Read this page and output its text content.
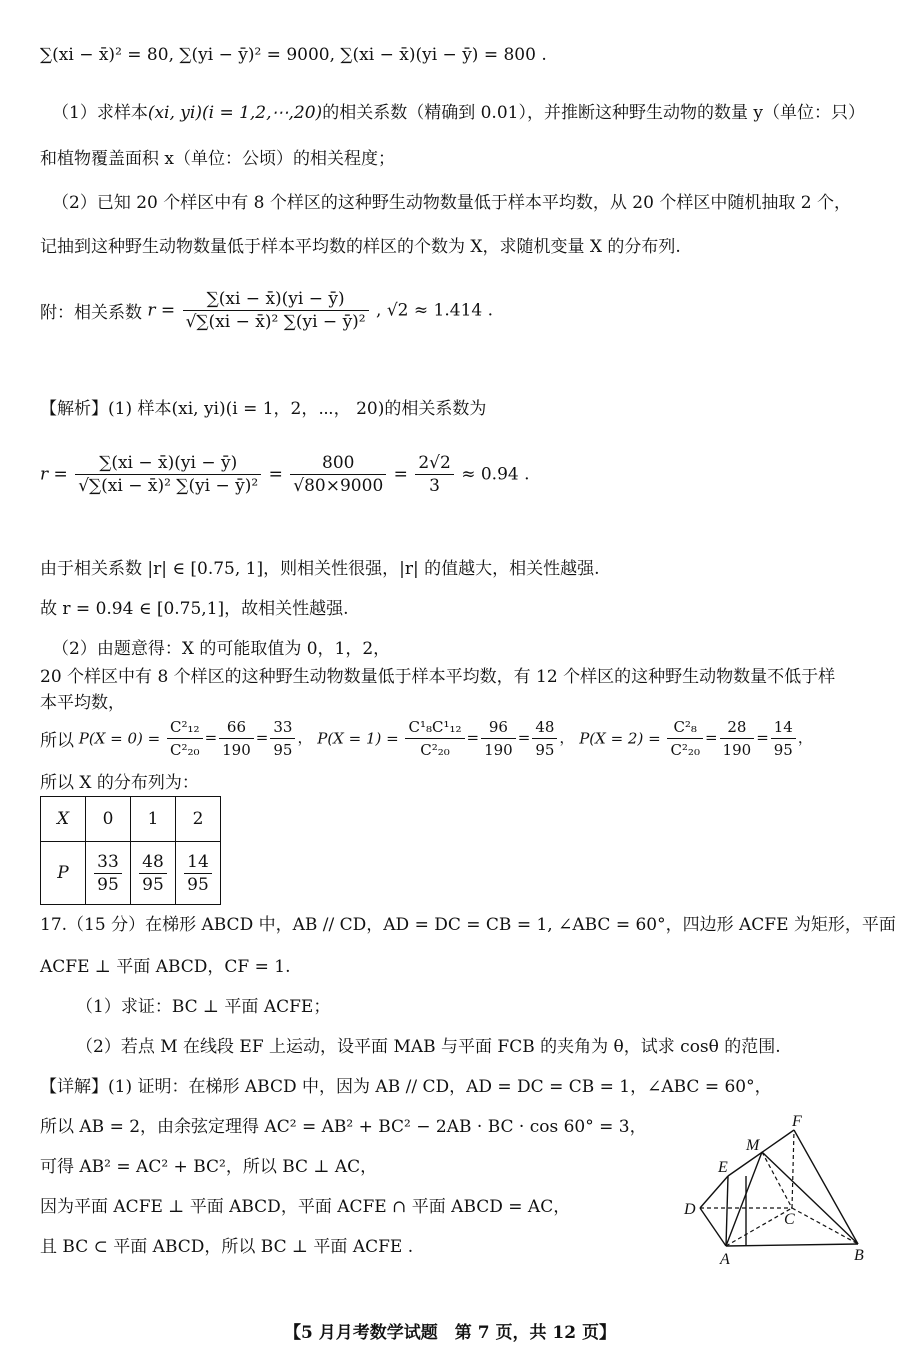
∑(xi − x̄)² = 80, ∑(yi − ȳ)² = 9000, ∑(xi − x̄)(yi − ȳ) = 800 .
（1）求样本(xi, yi)(i = 1,2,⋯,20)的相关系数（精确到 0.01），并推断这种野生动物的数量 y（单位：只）
和植物覆盖面积 x（单位：公顷）的相关程度；
（2）已知 20 个样区中有 8 个样区的这种野生动物数量低于样本平均数，从 20 个样区中随机抽取 2 个，
记抽到这种野生动物数量低于样本平均数的样区的个数为 X，求随机变量 X 的分布列.
附：相关系数 $r = \frac{\sum(xi - x̄)(yi - ȳ)}{\text{√∑(xi − x̄)² ∑(yi − ȳ)²}}$ , √2 ≈ 1.414 .
【解析】(1) 样本(xi, yi)(i = 1，2，⋯， 20)的相关系数为
$r = \frac{\sum(xi - x̄)(yi - ȳ)}{\text{√∑(xi − x̄)² ∑(yi − ȳ)²}} = \frac{800}{√80\times 9000} = \frac{2√2}{3} \approx 0.94$ .
由于相关系数 |r| ∈ [0.75, 1]，则相关性很强，|r| 的值越大，相关性越强.
故 r = 0.94 ∈ [0.75,1]，故相关性越强.
（2）由题意得：X 的可能取值为 0，1，2，
20 个样区中有 8 个样区的这种野生动物数量低于样本平均数，有 12 个样区的这种野生动物数量不低于样
本平均数，
所以 $P(X = 0) = \frac{\text{C²₁₂}}{\text{C²₂₀}} = \frac{66}{190} = \frac{33}{95}$ ， $P(X = 1) = \frac{\text{C¹₈C¹₁₂}}{\text{C²₂₀}} = \frac{96}{190} = \frac{48}{95}$ ， $P(X = 2) = \frac{\text{C²₈}}{\text{C²₂₀}} = \frac{28}{190} = \frac{14}{95}$ ，
所以 X 的分布列为：
X	0	1	2
P	$\frac{33}{95}$	$\frac{48}{95}$	$\frac{14}{95}$
17.（15 分）在梯形 ABCD 中，AB // CD，AD = DC = CB = 1, ∠ABC = 60°，四边形 ACFE 为矩形，平面
ACFE ⊥ 平面 ABCD，CF = 1.
（1）求证：BC ⊥ 平面 ACFE；
（2）若点 M 在线段 EF 上运动，设平面 MAB 与平面 FCB 的夹角为 θ，试求 cosθ 的范围.
【详解】(1) 证明：在梯形 ABCD 中，因为 AB // CD，AD = DC = CB = 1，∠ABC = 60°，
所以 AB = 2，由余弦定理得 AC² = AB² + BC² − 2AB · BC · cos 60° = 3，
可得 AB² = AC² + BC²，所以 BC ⊥ AC，
因为平面 ACFE ⊥ 平面 ABCD，平面 ACFE ∩ 平面 ABCD = AC，
且 BC ⊂ 平面 ABCD，所以 BC ⊥ 平面 ACFE .
F
M
E
D
C
A	B
【5 月月考数学试题　第 7 页，共 12 页】
